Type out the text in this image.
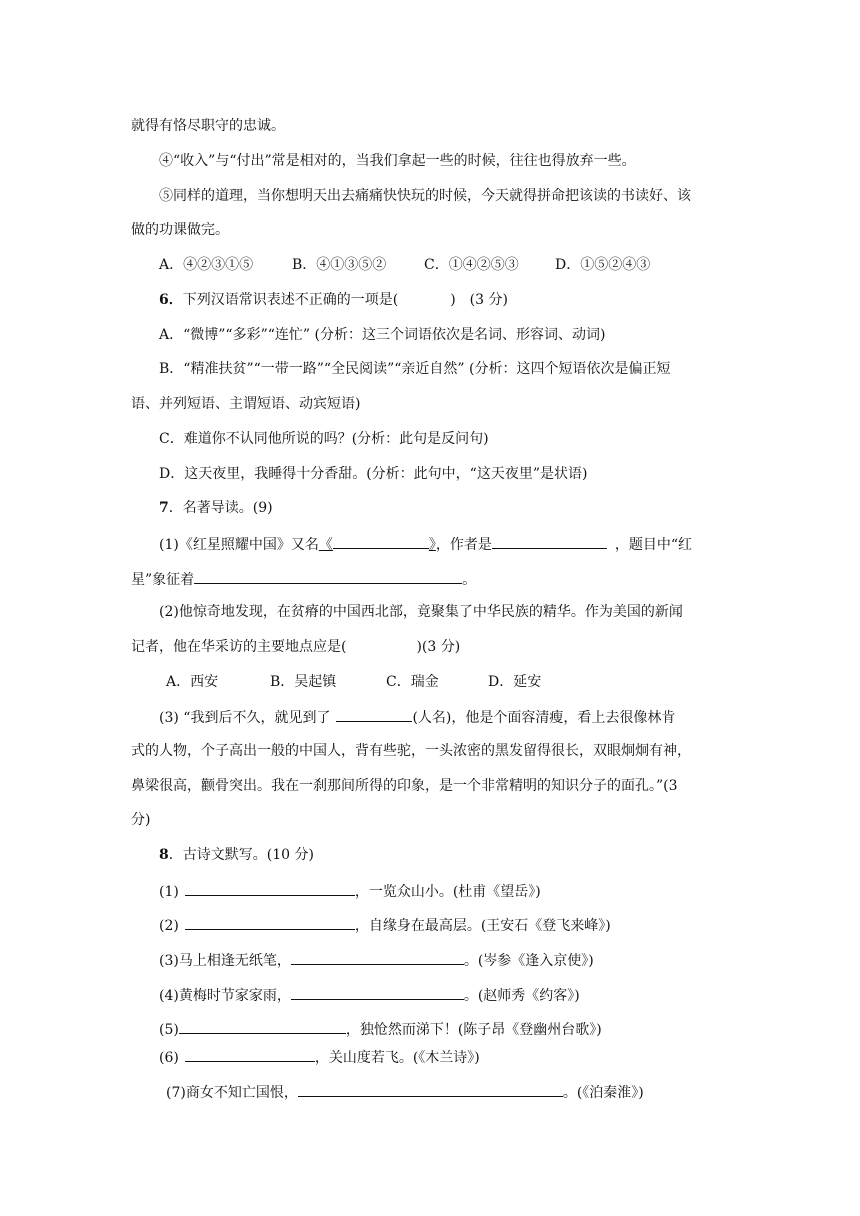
就得有恪尽职守的忠诚。
④“收入”与“付出”常是相对的，当我们拿起一些的时候，往往也得放弃一些。
⑤同样的道理，当你想明天出去痛痛快快玩的时候，今天就得拼命把该读的书读好、该
做的功课做完。
A．④②③①⑤	B．④①③⑤②	C．①④②⑤③	D．①⑤②④③
6．下列汉语常识表述不正确的一项是(	)　(3 分)
A．“微博”“多彩”“连忙” (分析：这三个词语依次是名词、形容词、动词)
B．“精准扶贫”“一带一路”“全民阅读”“亲近自然” (分析：这四个短语依次是偏正短
语、并列短语、主谓短语、动宾短语)
C．难道你不认同他所说的吗？(分析：此句是反问句)
D．这天夜里，我睡得十分香甜。(分析：此句中，“这天夜里”是状语)
7．名著导读。(9)
(1)《红星照耀中国》又名《	》，作者是	，题目中“红
星”象征着	。
(2)他惊奇地发现，在贫瘠的中国西北部，竟聚集了中华民族的精华。作为美国的新闻
记者，他在华采访的主要地点应是(	)(3 分)
A．西安	B．吴起镇	C．瑞金	D．延安
(3) “我到后不久，就见到了	(人名)，他是个面容清瘦，看上去很像林肯
式的人物，个子高出一般的中国人，背有些驼，一头浓密的黑发留得很长，双眼炯炯有神，
鼻梁很高，颧骨突出。我在一刹那间所得的印象，是一个非常精明的知识分子的面孔。”(3
分)
8．古诗文默写。(10 分)
(1)	，一览众山小。(杜甫《望岳》)
(2)	，自缘身在最高层。(王安石《登飞来峰》)
(3)马上相逢无纸笔，	。(岑参《逢入京使》)
(4)黄梅时节家家雨，	。(赵师秀《约客》)
(5)	，独怆然而涕下！(陈子昂《登幽州台歌》)
(6)	，关山度若飞。(《木兰诗》)
(7)商女不知亡国恨，	。(《泊秦淮》)
